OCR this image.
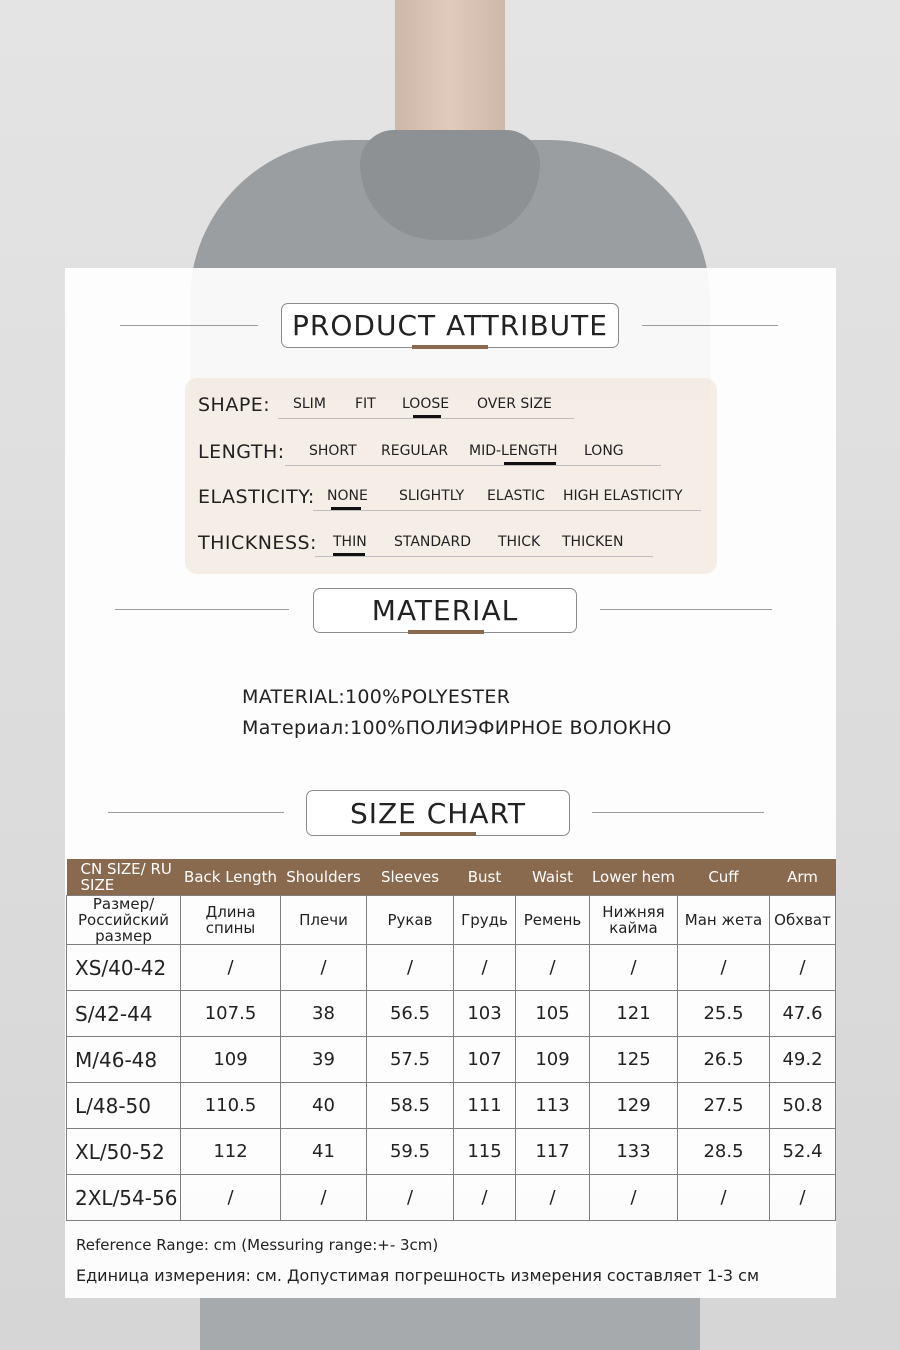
PRODUCT ATTRIBUTE
SHAPE: SLIM FIT LOOSE OVER SIZE
LENGTH: SHORT REGULAR MID-LENGTH LONG
ELASTICITY: NONE SLIGHTLY ELASTIC HIGH ELASTICITY
THICKNESS: THIN STANDARD THICK THICKEN
MATERIAL
MATERIAL:100%POLYESTER
Материал:100%ПОЛИЭФИРНОЕ ВОЛОКНО
SIZE CHART
CN SIZE/ RU SIZE	Back Length	Shoulders	Sleeves	Bust	Waist	Lower hem	Cuff	Arm
Размер/ Российский размер	Длина спины	Плечи	Рукав	Грудь	Ремень	Нижняя кайма	Ман жета	Обхват
XS/40-42	/	/	/	/	/	/	/	/
S/42-44	107.5	38	56.5	103	105	121	25.5	47.6
M/46-48	109	39	57.5	107	109	125	26.5	49.2
L/48-50	110.5	40	58.5	111	113	129	27.5	50.8
XL/50-52	112	41	59.5	115	117	133	28.5	52.4
2XL/54-56	/	/	/	/	/	/	/	/
Reference Range: cm (Messuring range:+- 3cm)
Единица измерения: см. Допустимая погрешность измерения составляет 1-3 см
